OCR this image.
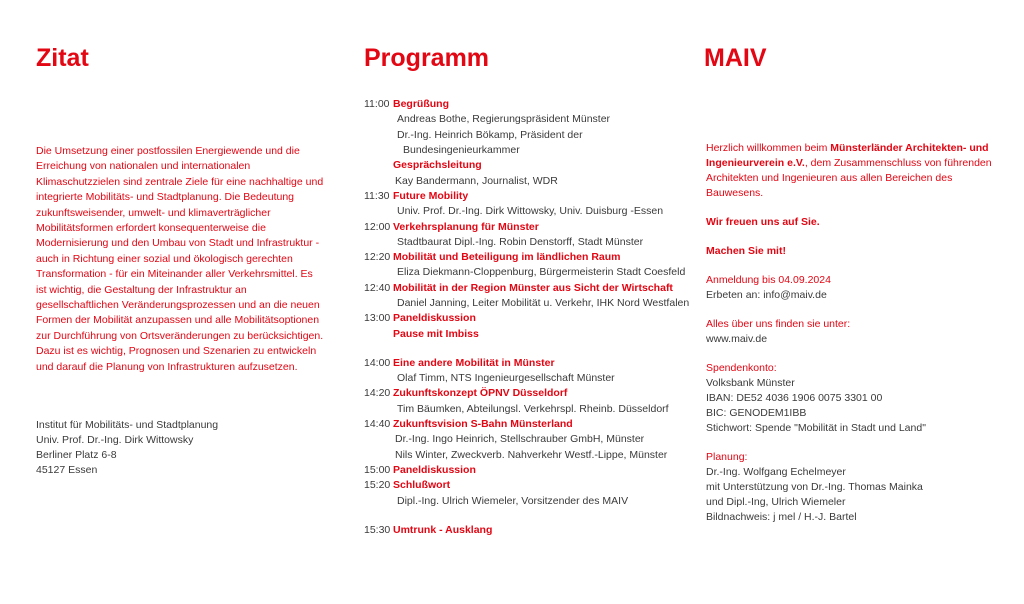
Zitat

Die Umsetzung einer postfossilen Energiewende und die Erreichung von nationalen und internationalen Klimaschutzzielen sind zentrale Ziele für eine nachhaltige und integrierte Mobilitäts- und Stadtplanung. Die Bedeutung zukunftsweisender, umwelt- und klimaverträglicher Mobilitätsformen erfordert konsequenterweise die Modernisierung und den Umbau von Stadt und Infrastruktur - auch in Richtung einer sozial und ökologisch gerechten Transformation - für ein Miteinander aller Verkehrsmittel. Es ist wichtig, die Gestaltung der Infrastruktur an gesellschaftlichen Veränderungsprozessen und an die neuen Formen der Mobilität anzupassen und alle Mobilitätsoptionen zur Durchführung von Ortsveränderungen zu berücksichtigen. Dazu ist es wichtig, Prognosen und Szenarien zu entwickeln und darauf die Planung von Infrastrukturen aufzusetzen.

Institut für Mobilitäts- und Stadtplanung

Univ. Prof. Dr.-Ing. Dirk Wittowsky

Berliner Platz 6-8

45127 Essen

Programm
11:00 Begrüßung
Andreas Bothe, Regierungspräsident Münster
Dr.-Ing. Heinrich Bökamp, Präsident der
Bundesingenieurkammer
Gesprächsleitung
Kay Bandermann, Journalist, WDR
11:30 Future Mobility
Univ. Prof. Dr.-Ing. Dirk Wittowsky, Univ. Duisburg -Essen
12:00 Verkehrsplanung für Münster
Stadtbaurat Dipl.-Ing. Robin Denstorff, Stadt Münster
12:20 Mobilität und Beteiligung im ländlichen Raum
Eliza Diekmann-Cloppenburg, Bürgermeisterin Stadt Coesfeld
12:40 Mobilität in der Region Münster aus Sicht der Wirtschaft
Daniel Janning, Leiter Mobilität u. Verkehr, IHK Nord Westfalen
13:00 Paneldiskussion
Pause mit Imbiss
14:00 Eine andere Mobilität in Münster
Olaf Timm, NTS Ingenieurgesellschaft Münster
14:20 Zukunftskonzept ÖPNV Düsseldorf
Tim Bäumken, Abteilungsl. Verkehrspl. Rheinb. Düsseldorf
14:40 Zukunftsvision S-Bahn Münsterland
Dr.-Ing. Ingo Heinrich, Stellschrauber GmbH, Münster
Nils Winter, Zweckverb. Nahverkehr Westf.-Lippe, Münster
15:00 Paneldiskussion
15:20 Schlußwort
Dipl.-Ing. Ulrich Wiemeler, Vorsitzender des MAIV
15:30 Umtrunk - Ausklang
MAIV

Herzlich willkommen beim Münsterländer Architekten- und Ingenieurverein e.V., dem Zusammenschluss von führenden Architekten und Ingenieuren aus allen Bereichen des Bauwesens.

Wir freuen uns auf Sie.

Machen Sie mit!

Anmeldung bis 04.09.2024

Erbeten an: info@maiv.de

Alles über uns finden sie unter:

www.maiv.de

Spendenkonto:

Volksbank Münster

IBAN: DE52 4036 1906 0075 3301 00

BIC: GENODEM1IBB

Stichwort: Spende "Mobilität in Stadt und Land"

Planung:

Dr.-Ing. Wolfgang Echelmeyer

mit Unterstützung von Dr.-Ing. Thomas Mainka

und Dipl.-Ing, Ulrich Wiemeler

Bildnachweis: j mel / H.-J. Bartel
